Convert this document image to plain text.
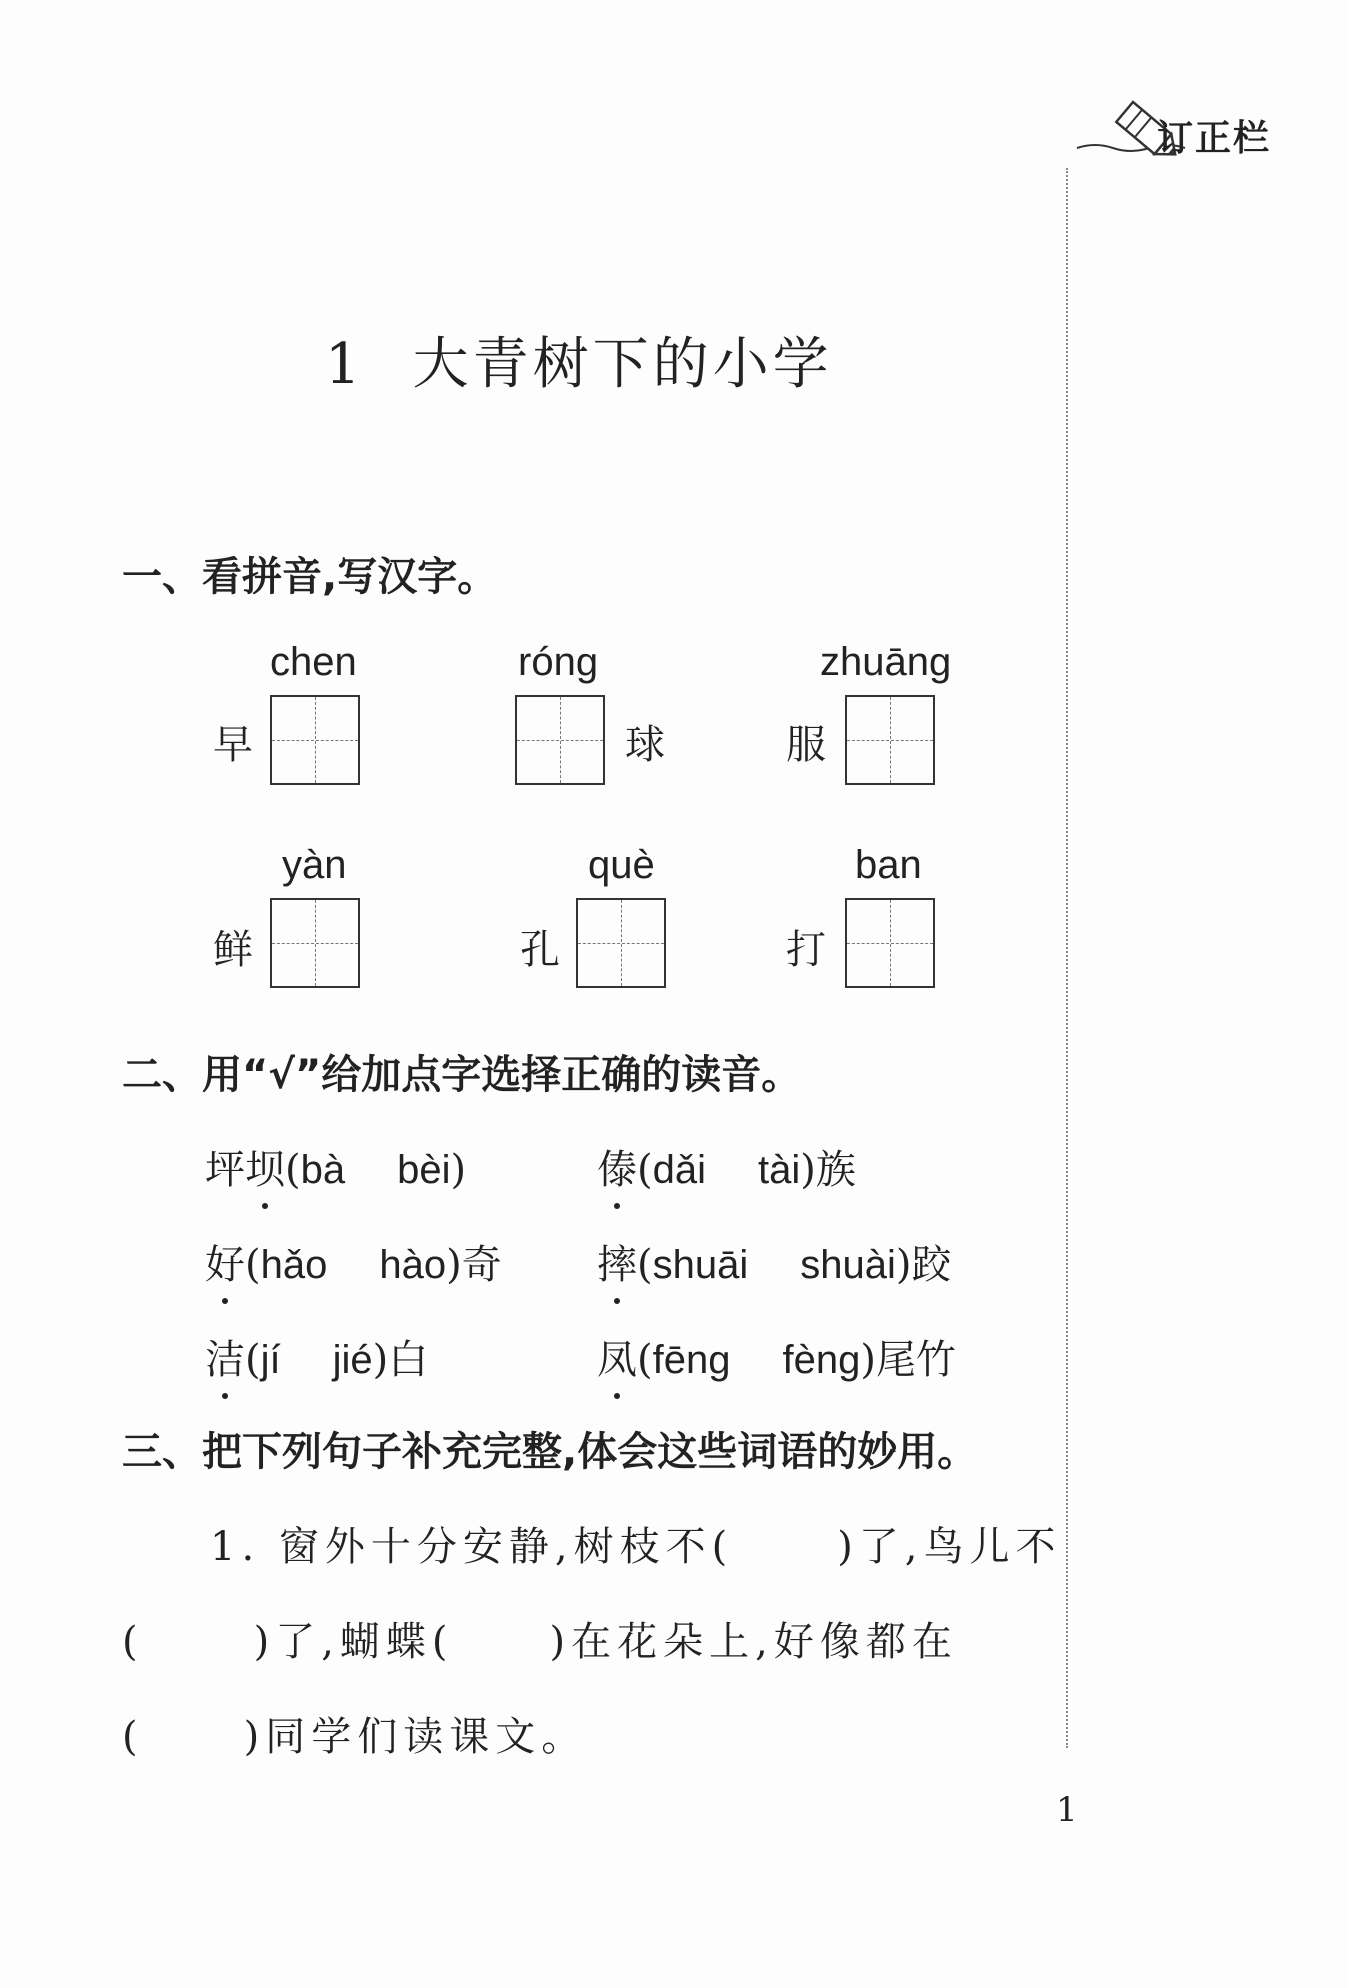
订正栏
1 大青树下的小学
一、看拼音,写汉字。
chen
早
róng
球
zhuāng
服
yàn
鲜
què
孔
ban
打
二、用“√”给加点字选择正确的读音。
坪坝(bà bèi)	傣(dǎi tài)族
好(hǎo hào)奇 摔(shuāi shuài)跤
洁(jí jié)白	凤(fēng fèng)尾竹
三、把下列句子补充完整,体会这些词语的妙用。
1. 窗外十分安静,树枝不(	)了,鸟儿不
(	)了,蝴蝶( )在花朵上,好像都在
(	)同学们读课文。
1
